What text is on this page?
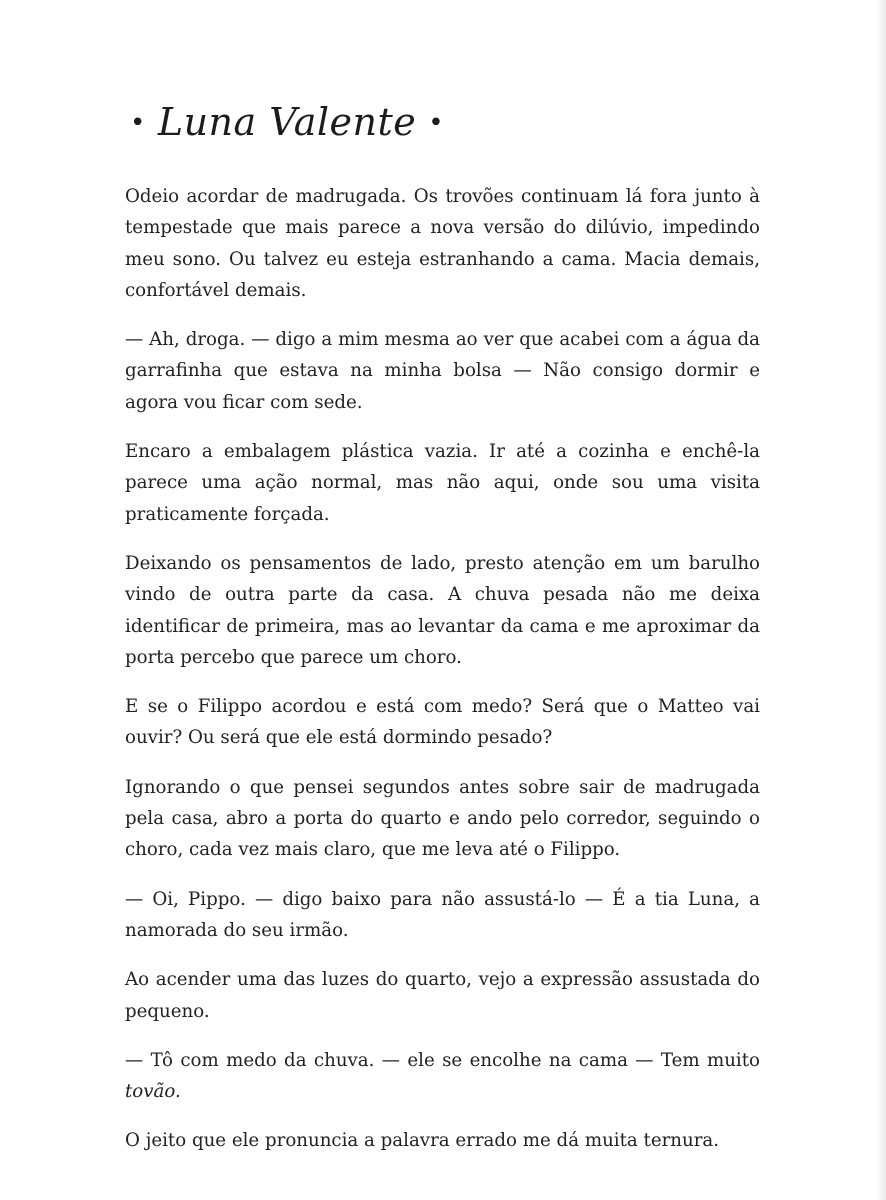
• Luna Valente •

Odeio acordar de madrugada. Os trovões continuam lá fora junto à tempestade que mais parece a nova versão do dilúvio, impedindo meu sono. Ou talvez eu esteja estranhando a cama. Macia demais, confortável demais.

— Ah, droga. — digo a mim mesma ao ver que acabei com a água da garrafinha que estava na minha bolsa — Não consigo dormir e agora vou ficar com sede.

Encaro a embalagem plástica vazia. Ir até a cozinha e enchê-la parece uma ação normal, mas não aqui, onde sou uma visita praticamente forçada.

Deixando os pensamentos de lado, presto atenção em um barulho vindo de outra parte da casa. A chuva pesada não me deixa identificar de primeira, mas ao levantar da cama e me aproximar da porta percebo que parece um choro.

E se o Filippo acordou e está com medo? Será que o Matteo vai ouvir? Ou será que ele está dormindo pesado?

Ignorando o que pensei segundos antes sobre sair de madrugada pela casa, abro a porta do quarto e ando pelo corredor, seguindo o choro, cada vez mais claro, que me leva até o Filippo.

— Oi, Pippo. — digo baixo para não assustá-lo — É a tia Luna, a namorada do seu irmão.

Ao acender uma das luzes do quarto, vejo a expressão assustada do pequeno.

— Tô com medo da chuva. — ele se encolhe na cama — Tem muito tovão.

O jeito que ele pronuncia a palavra errado me dá muita ternura.
